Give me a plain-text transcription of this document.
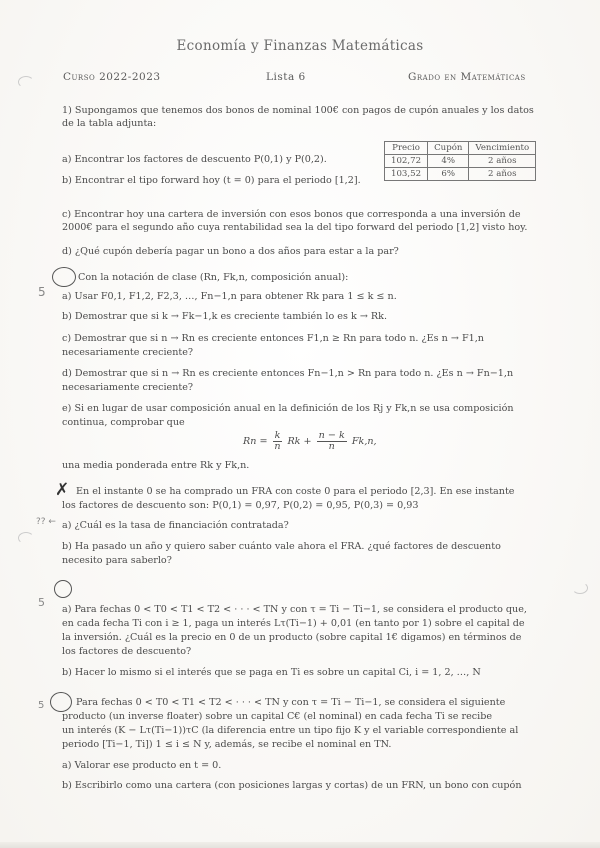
Economía y Finanzas Matemáticas
Curso 2022-2023	Lista 6	Grado en Matemáticas
1) Supongamos que tenemos dos bonos de nominal 100€ con pagos de cupón anuales y los datos de la tabla adjunta:
a) Encontrar los factores de descuento P(0,1) y P(0,2).
b) Encontrar el tipo forward hoy (t = 0) para el periodo [1,2].
Precio	Cupón	Vencimiento
102,72	4%	2 años
103,52	6%	2 años
c) Encontrar hoy una cartera de inversión con esos bonos que corresponda a una inversión de 2000€ para el segundo año cuya rentabilidad sea la del tipo forward del periodo [1,2] visto hoy.
d) ¿Qué cupón debería pagar un bono a dos años para estar a la par?
5
Con la notación de clase (Rn, Fk,n, composición anual):
a) Usar F0,1, F1,2, F2,3, …, Fn−1,n para obtener Rk para 1 ≤ k ≤ n.
b) Demostrar que si k → Fk−1,k es creciente también lo es k → Rk.
c) Demostrar que si n → Rn es creciente entonces F1,n ≥ Rn para todo n. ¿Es n → F1,n
necesariamente creciente?
d) Demostrar que si n → Rn es creciente entonces Fn−1,n > Rn para todo n. ¿Es n → Fn−1,n
necesariamente creciente?
e) Si en lugar de usar composición anual en la definición de los Rj y Fk,n se usa composición
continua, comprobar que
$Rn = \frac{k}{n}$ $Rk + \frac{n - k}{n} Fk,n$,
una media ponderada entre Rk y Fk,n.
✗ En el instante 0 se ha comprado un FRA con coste 0 para el periodo [2,3]. En ese instante
los factores de descuento son: P(0,1) = 0,97, P(0,2) = 0,95, P(0,3) = 0,93
?? ← a) ¿Cuál es la tasa de financiación contratada?
b) Ha pasado un año y quiero saber cuánto vale ahora el FRA. ¿qué factores de descuento
necesito para saberlo?
5
a) Para fechas 0 < T0 < T1 < T2 < · · · < TN y con τ = Ti − Ti−1, se considera el producto que,
en cada fecha Ti con i ≥ 1, paga un interés Lτ(Ti−1) + 0,01 (en tanto por 1) sobre el capital de
la inversión. ¿Cuál es la precio en 0 de un producto (sobre capital 1€ digamos) en términos de
los factores de descuento?
b) Hacer lo mismo si el interés que se paga en Ti es sobre un capital Ci, i = 1, 2, …, N
5	Para fechas 0 < T0 < T1 < T2 < · · · < TN y con τ = Ti − Ti−1, se considera el siguiente
producto (un inverse floater) sobre un capital C€ (el nominal) en cada fecha Ti se recibe
un interés (K − Lτ(Ti−1))τC (la diferencia entre un tipo fijo K y el variable correspondiente al
periodo [Ti−1, Ti]) 1 ≤ i ≤ N y, además, se recibe el nominal en TN.
a) Valorar ese producto en t = 0.
b) Escribirlo como una cartera (con posiciones largas y cortas) de un FRN, un bono con cupón
